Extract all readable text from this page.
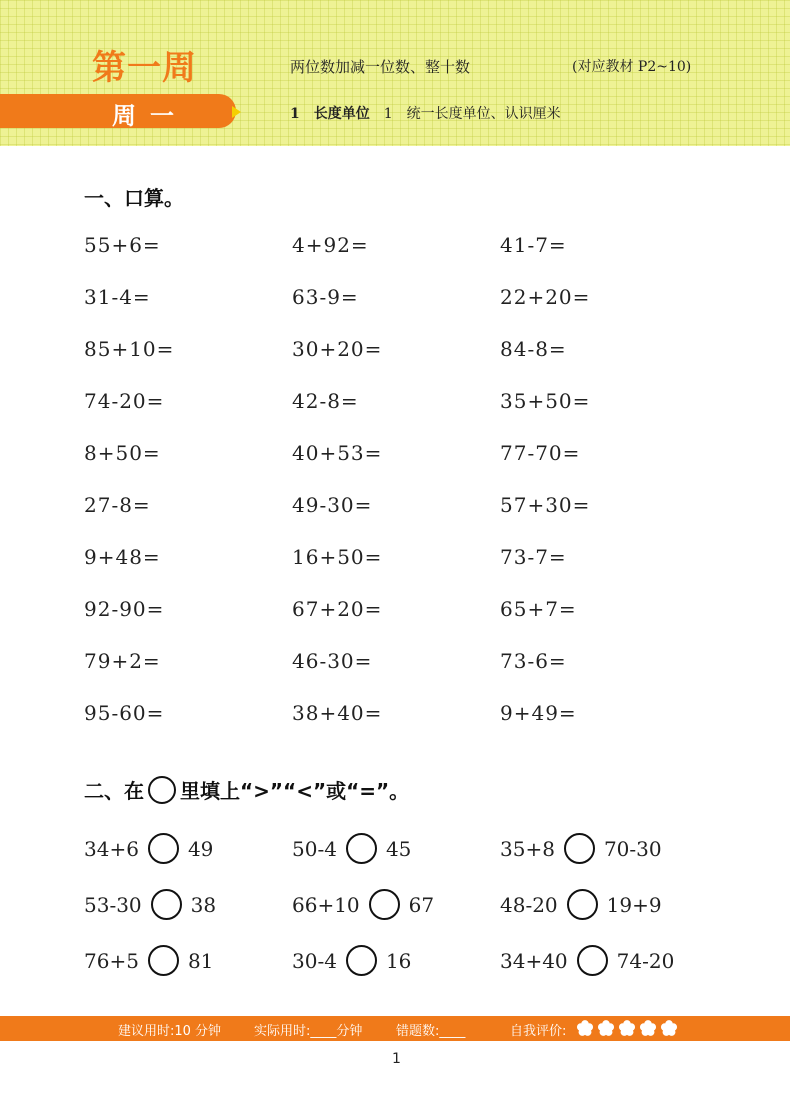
第一周	两位数加减一位数、整十数	(对应教材 P2~10)
周一	1 长度单位 1 统一长度单位、认识厘米
一、口算。
55+6=	4+92=	41-7=
31-4=	63-9=	22+20=
85+10=	30+20=	84-8=
74-20=	42-8=	35+50=
8+50=	40+53=	77-70=
27-8=	49-30=	57+30=
9+48=	16+50=	73-7=
92-90=	67+20=	65+7=
79+2=	46-30=	73-6=
95-60=	38+40=	9+49=
二、在 里填上“>”“<”或“=”。
34+6 49	50-4 45	35+8 70-30
53-30 38	66+10 67	48-20 19+9
76+5 81	30-4 16	34+40 74-20
建议用时:10 分钟	实际用时:____分钟	错题数:____	自我评价:
1
